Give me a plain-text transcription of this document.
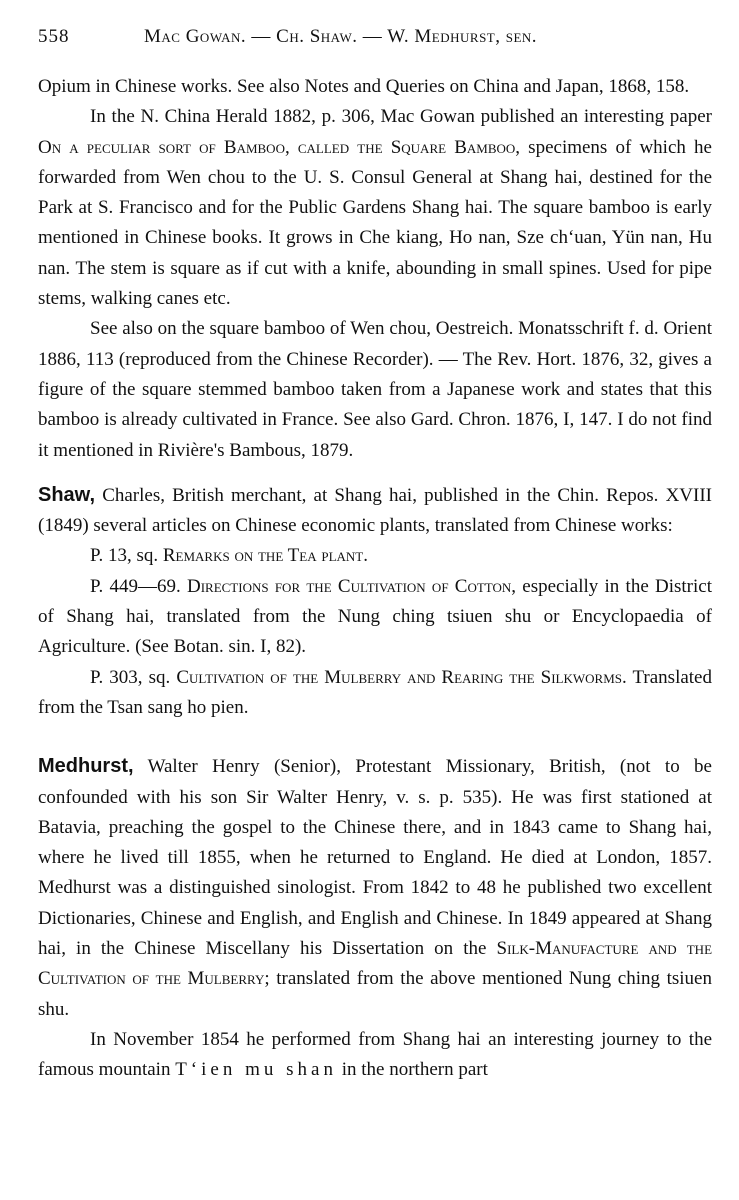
558	Mac Gowan. — Ch. Shaw. — W. Medhurst, sen.

Opium in Chinese works. See also Notes and Queries on China and Japan, 1868, 158.

In the N. China Herald 1882, p. 306, Mac Gowan published an interesting paper On a peculiar sort of Bamboo, called the Square Bamboo, specimens of which he forwarded from Wen chou to the U. S. Consul General at Shang hai, destined for the Park at S. Francisco and for the Public Gardens Shang hai. The square bamboo is early mentioned in Chinese books. It grows in Che kiang, Ho nan, Sze chʻuan, Yün nan, Hu nan. The stem is square as if cut with a knife, abounding in small spines. Used for pipe stems, walking canes etc.

See also on the square bamboo of Wen chou, Oestreich. Monatsschrift f. d. Orient 1886, 113 (reproduced from the Chinese Recorder). — The Rev. Hort. 1876, 32, gives a figure of the square stemmed bamboo taken from a Japanese work and states that this bamboo is already cultivated in France. See also Gard. Chron. 1876, I, 147. I do not find it mentioned in Rivière's Bambous, 1879.

Shaw, Charles, British merchant, at Shang hai, published in the Chin. Repos. XVIII (1849) several articles on Chinese economic plants, translated from Chinese works:

P. 13, sq. Remarks on the Tea plant.

P. 449—69. Directions for the Cultivation of Cotton, especially in the District of Shang hai, translated from the Nung ching tsiuen shu or Encyclopaedia of Agriculture. (See Botan. sin. I, 82).

P. 303, sq. Cultivation of the Mulberry and Rearing the Silkworms. Translated from the Tsan sang ho pien.

Medhurst, Walter Henry (Senior), Protestant Missionary, British, (not to be confounded with his son Sir Walter Henry, v. s. p. 535). He was first stationed at Batavia, preaching the gospel to the Chinese there, and in 1843 came to Shang hai, where he lived till 1855, when he returned to England. He died at London, 1857. Medhurst was a distinguished sinologist. From 1842 to 48 he published two excellent Dictionaries, Chinese and English, and English and Chinese. In 1849 appeared at Shang hai, in the Chinese Miscellany his Dissertation on the Silk-Manufacture and the Cultivation of the Mulberry; translated from the above mentioned Nung ching tsiuen shu.

In November 1854 he performed from Shang hai an interesting journey to the famous mountain Tʻien mu shan in the northern part
